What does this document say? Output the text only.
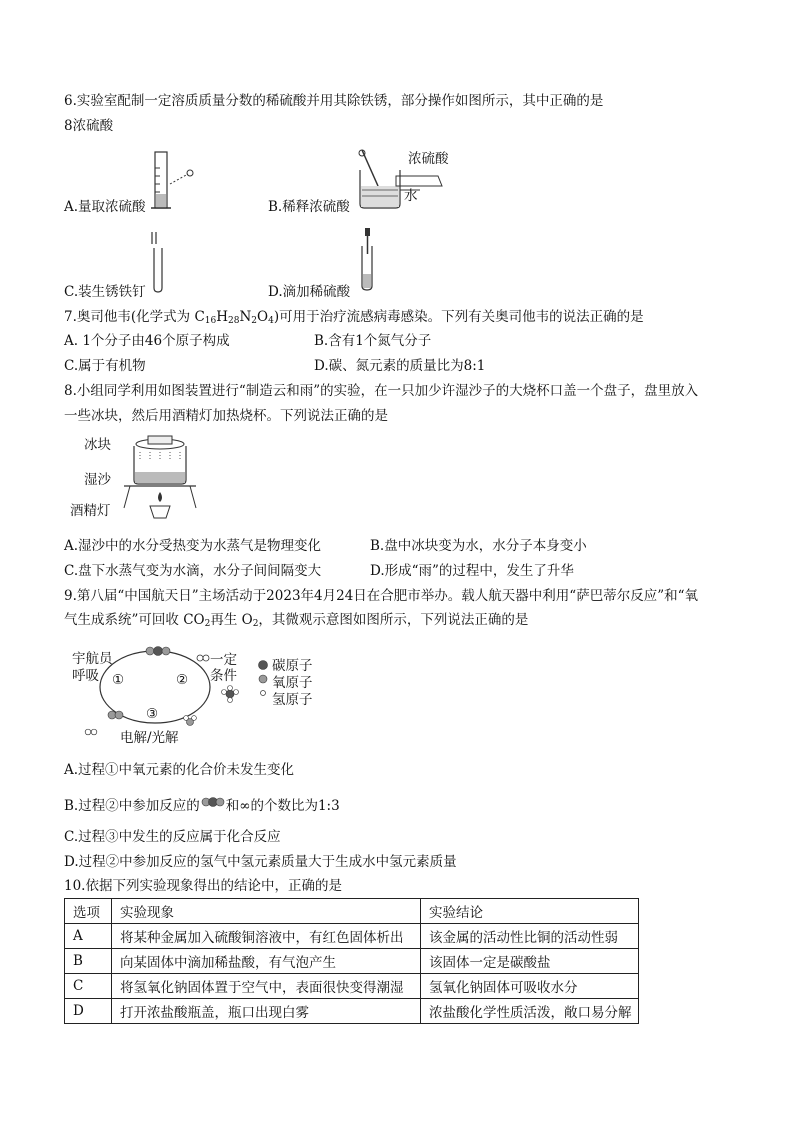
6.实验室配制一定溶质质量分数的稀硫酸并用其除铁锈，部分操作如图所示，其中正确的是
8浓硫酸
A.量取浓硫酸
浓硫酸
水
B.稀释浓硫酸
C.装生锈铁钉	D.滴加稀硫酸
7.奥司他韦(化学式为 $C_{16}H_{28}N_2O_4$)可用于治疗流感病毒感染。下列有关奥司他韦的说法正确的是
A. 1个分子由46个原子构成	B.含有1个氮气分子
C.属于有机物	D.碳、氮元素的质量比为8:1
8.小组同学利用如图装置进行“制造云和雨”的实验，在一只加少许湿沙子的大烧杯口盖一个盘子，盘里放入
一些冰块，然后用酒精灯加热烧杯。下列说法正确的是
冰块
湿沙
酒精灯
A.湿沙中的水分受热变为水蒸气是物理变化	B.盘中冰块变为水，水分子本身变小
C.盘下水蒸气变为水滴，水分子间间隔变大	D.形成“雨”的过程中，发生了升华
9.第八届“中国航天日”主场活动于2023年4月24日在合肥市举办。载人航天器中利用“萨巴蒂尔反应”和“氧
气生成系统”可回收 $CO_2$再生 $O_2$，其微观示意图如图所示，下列说法正确的是
宇航员
呼吸
一定
条件
①	②
③
电解/光解
碳原子
氧原子
氢原子
A.过程①中氧元素的化合价未发生变化
B.过程②中参加反应的 和∞的个数比为1:3
C.过程③中发生的反应属于化合反应
D.过程②中参加反应的氢气中氢元素质量大于生成水中氢元素质量
10.依据下列实验现象得出的结论中，正确的是
选项	实验现象	实验结论
A	将某种金属加入硫酸铜溶液中，有红色固体析出	该金属的活动性比铜的活动性弱
B	向某固体中滴加稀盐酸，有气泡产生	该固体一定是碳酸盐
C	将氢氧化钠固体置于空气中，表面很快变得潮湿	氢氧化钠固体可吸收水分
D	打开浓盐酸瓶盖，瓶口出现白雾	浓盐酸化学性质活泼，敞口易分解
